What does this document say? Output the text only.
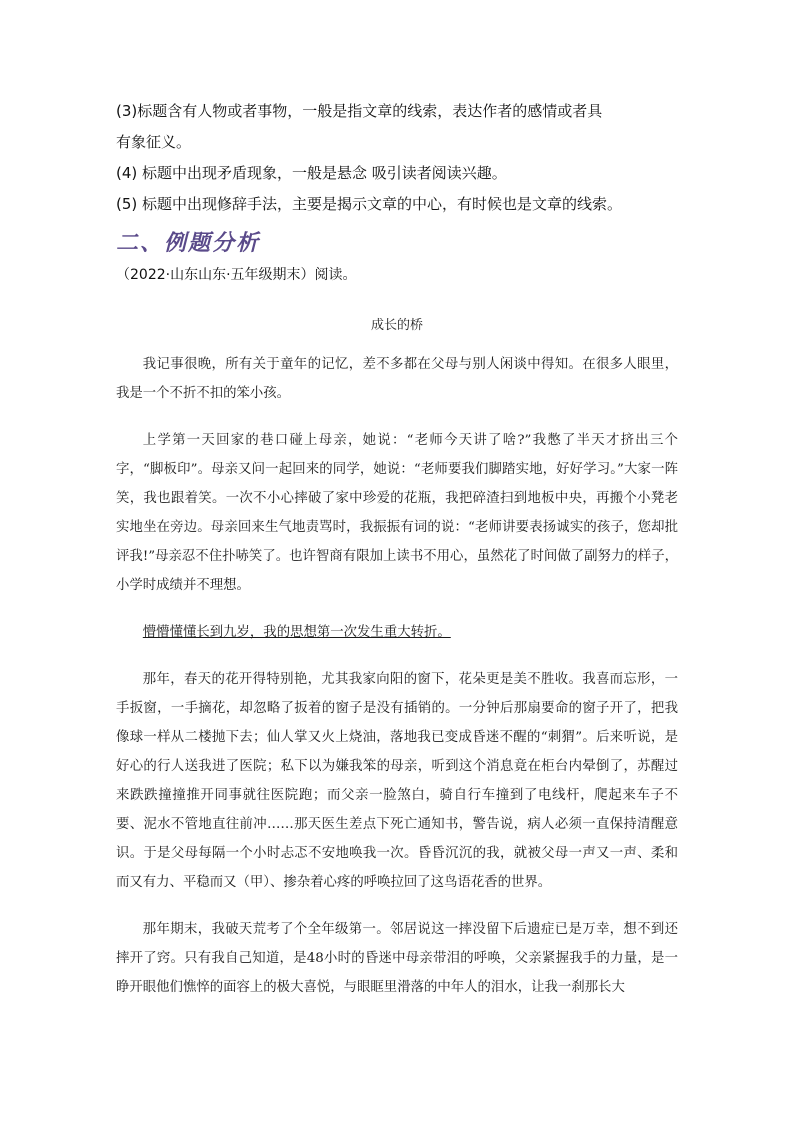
(3)标题含有人物或者事物，一般是指文章的线索，表达作者的感情或者具

有象征义。

(4) 标题中出现矛盾现象，一般是悬念 吸引读者阅读兴趣。

(5) 标题中出现修辞手法，主要是揭示文章的中心，有时候也是文章的线索。

二、例题分析
（2022·山东山东·五年级期末）阅读。
成长的桥

我记事很晚，所有关于童年的记忆，差不多都在父母与别人闲谈中得知。在很多人眼里，我是一个不折不扣的笨小孩。

上学第一天回家的巷口碰上母亲，她说：“老师今天讲了啥?”我憋了半天才挤出三个字，“脚板印”。母亲又问一起回来的同学，她说：“老师要我们脚踏实地，好好学习。”大家一阵笑，我也跟着笑。一次不小心摔破了家中珍爱的花瓶，我把碎渣扫到地板中央，再搬个小凳老实地坐在旁边。母亲回来生气地责骂时，我振振有词的说：“老师讲要表扬诚实的孩子，您却批评我!”母亲忍不住扑哧笑了。也许智商有限加上读书不用心，虽然花了时间做了副努力的样子，小学时成绩并不理想。

懵懵懂懂长到九岁，我的思想第一次发生重大转折。

那年，春天的花开得特别艳，尤其我家向阳的窗下，花朵更是美不胜收。我喜而忘形，一手扳窗，一手摘花，却忽略了扳着的窗子是没有插销的。一分钟后那扇要命的窗子开了，把我像球一样从二楼抛下去；仙人掌又火上烧油，落地我已变成昏迷不醒的“刺猬”。后来听说，是好心的行人送我进了医院；私下以为嫌我笨的母亲，听到这个消息竟在柜台内晕倒了，苏醒过来跌跌撞撞推开同事就往医院跑；而父亲一脸煞白，骑自行车撞到了电线杆，爬起来车子不要、泥水不管地直往前冲……那天医生差点下死亡通知书，警告说，病人必须一直保持清醒意识。于是父母每隔一个小时忐忑不安地唤我一次。昏昏沉沉的我，就被父母一声又一声、柔和而又有力、平稳而又（甲）、掺杂着心疼的呼唤拉回了这鸟语花香的世界。

那年期末，我破天荒考了个全年级第一。邻居说这一摔没留下后遗症已是万幸，想不到还摔开了窍。只有我自己知道，是48小时的昏迷中母亲带泪的呼唤，父亲紧握我手的力量，是一睁开眼他们憔悴的面容上的极大喜悦，与眼眶里滑落的中年人的泪水，让我一刹那长大
